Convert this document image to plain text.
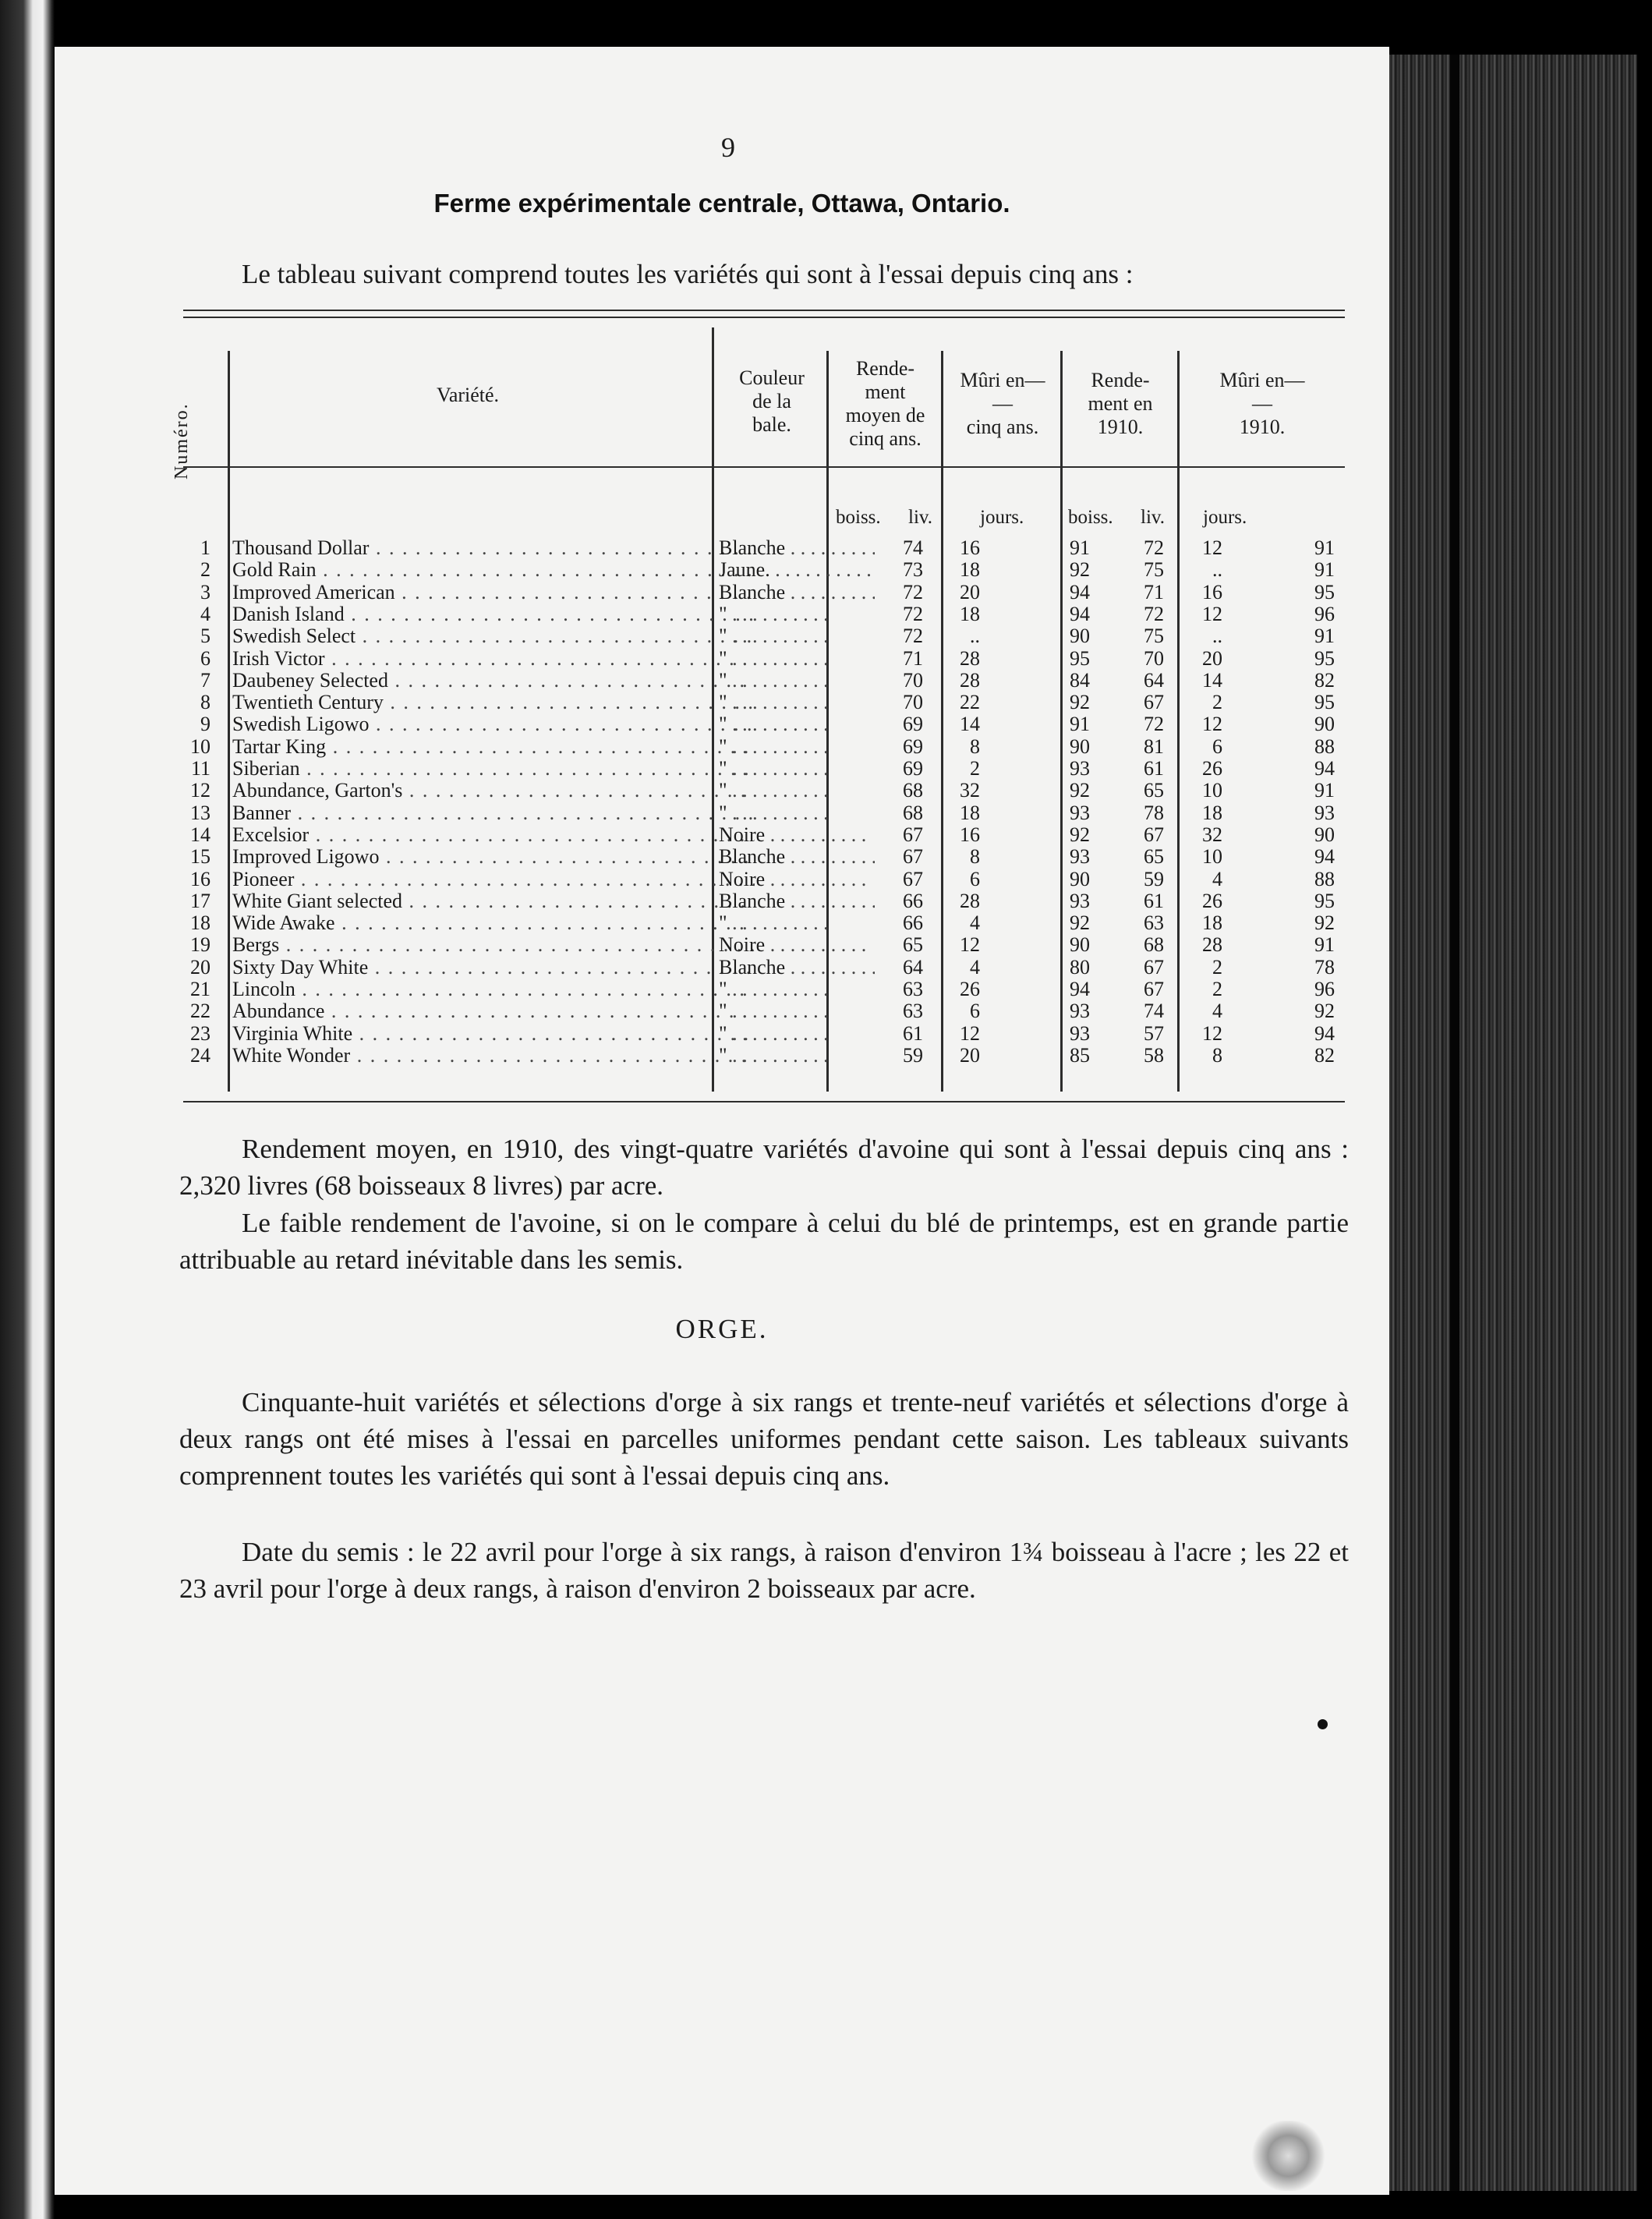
9
Ferme expérimentale centrale, Ottawa, Ontario.
Le tableau suivant comprend toutes les variétés qui sont à l'essai depuis cinq ans :
Numéro.
Variété.
Couleur
de la
bale.
Rende-
ment
moyen de
cinq ans.
Mûri en—
—
cinq ans.
Rende-
ment en
1910.
Mûri en—
—
1910.
boiss. liv. jours. boiss. liv. jours.
1 Thousand Dollar . . .	Blanche . . .	74	16	91	72	12	91
2 Gold Rain . . .	Jaune. . . .	73	18	92	75	..	91
3 Improved American . . .	Blanche . . .	72	20	94	71	16	95
4 Danish Island . . .	" . . .	72	18	94	72	12	96
5 Swedish Select . . .	" . . .	72	..	90	75	..	91
6 Irish Victor . . .	" . . .	71	28	95	70	20	95
7 Daubeney Selected . . .	" . . .	70	28	84	64	14	82
8 Twentieth Century . . .	" . . .	70	22	92	67	2	95
9 Swedish Ligowo . . .	" . . .	69	14	91	72	12	90
10 Tartar King . . .	" . . .	69	8	90	81	6	88
11 Siberian . . .	" . . .	69	2	93	61	26	94
12 Abundance, Garton's . . .	" . . .	68	32	92	65	10	91
13 Banner . . .	" . . .	68	18	93	78	18	93
14 Excelsior . . .	Noire . . .	67	16	92	67	32	90
15 Improved Ligowo . . .	Blanche . . .	67	8	93	65	10	94
16 Pioneer . . .	Noire . . .	67	6	90	59	4	88
17 White Giant selected . . .	Blanche . . .	66	28	93	61	26	95
18 Wide Awake . . .	" . . .	66	4	92	63	18	92
19 Bergs . . .	Noire . . .	65	12	90	68	28	91
20 Sixty Day White . . .	Blanche . . .	64	4	80	67	2	78
21 Lincoln . . .	" . . .	63	26	94	67	2	96
22 Abundance . . .	" . . .	63	6	93	74	4	92
23 Virginia White . . .	" . . .	61	12	93	57	12	94
24 White Wonder . . .	" . . .	59	20	85	58	8	82
Rendement moyen, en 1910, des vingt-quatre variétés d'avoine qui sont à l'essai depuis cinq ans : 2,320 livres (68 boisseaux 8 livres) par acre.
Le faible rendement de l'avoine, si on le compare à celui du blé de printemps, est en grande partie attribuable au retard inévitable dans les semis.
ORGE.
Cinquante-huit variétés et sélections d'orge à six rangs et trente-neuf variétés et sélections d'orge à deux rangs ont été mises à l'essai en parcelles uniformes pendant cette saison. Les tableaux suivants comprennent toutes les variétés qui sont à l'essai depuis cinq ans.
Date du semis : le 22 avril pour l'orge à six rangs, à raison d'environ 1¾ boisseau à l'acre ; les 22 et 23 avril pour l'orge à deux rangs, à raison d'environ 2 boisseaux par acre.
